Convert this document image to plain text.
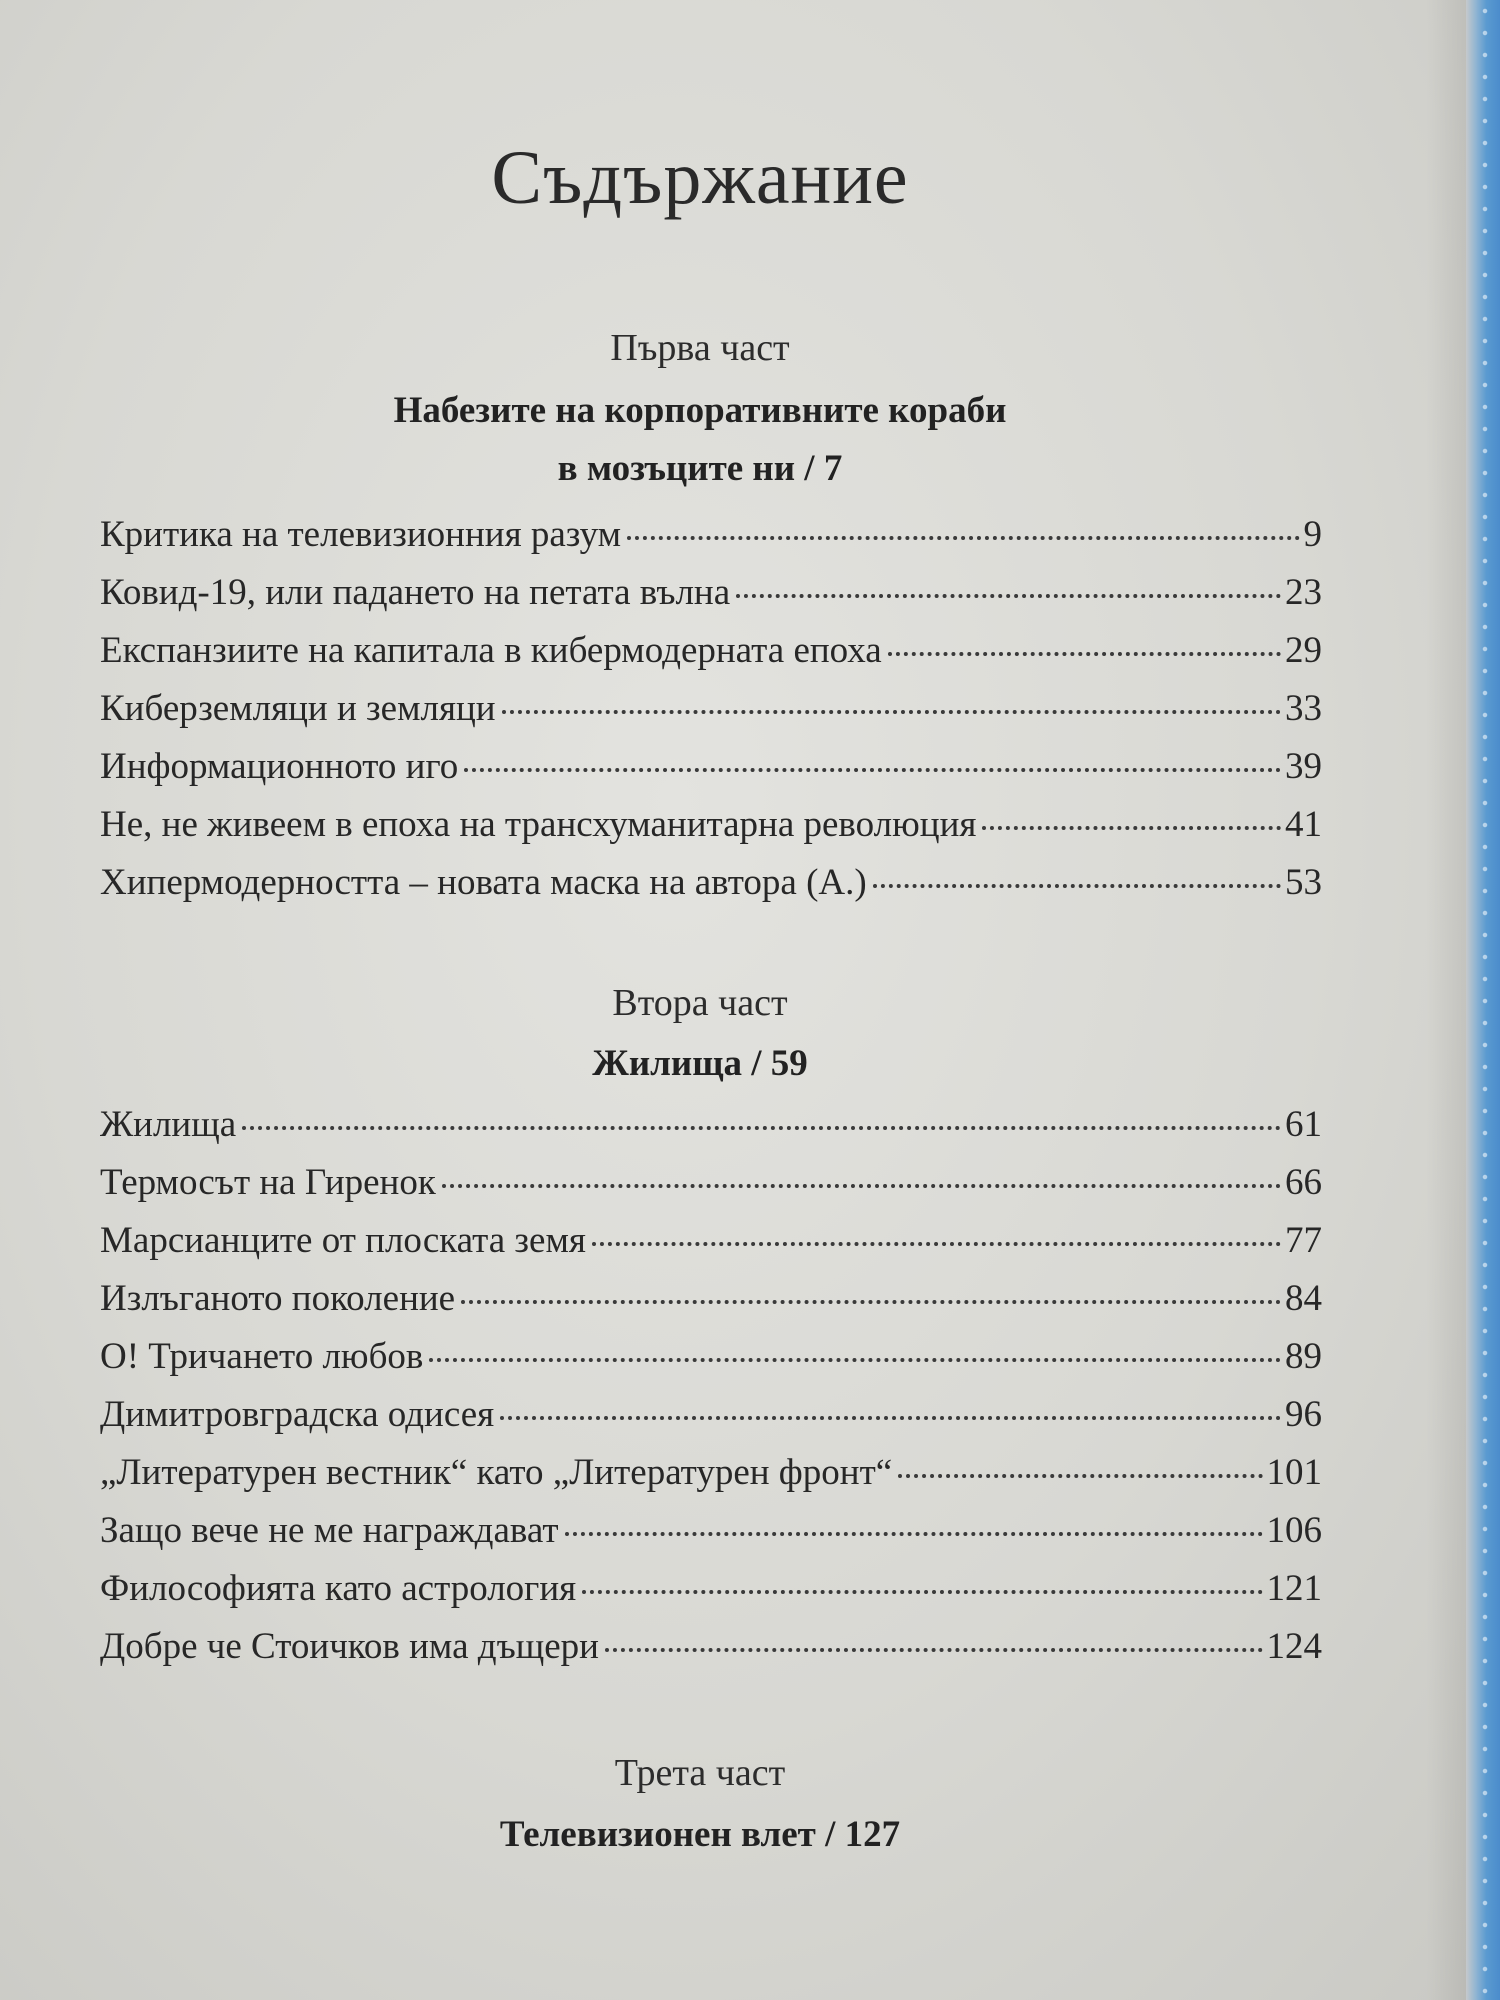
Съдържание
Първа част
Набезите на корпоративните кораби
в мозъците ни / 7
Критика на телевизионния разум	9
Ковид-19, или падането на петата вълна	23
Експанзиите на капитала в кибермодерната епоха	29
Киберземляци и земляци	33
Информационното иго	39
Не, не живеем в епоха на трансхуманитарна революция	41
Хипермодерността – новата маска на автора (А.)	53
Втора част
Жилища / 59
Жилища	61
Термосът на Гиренок	66
Марсианците от плоската земя	77
Излъганото поколение	84
О! Тричането любов	89
Димитровградска одисея	96
„Литературен вестник“ като „Литературен фронт“	101
Защо вече не ме награждават	106
Философията като астрология	121
Добре че Стоичков има дъщери	124
Трета част
Телевизионен влет / 127
